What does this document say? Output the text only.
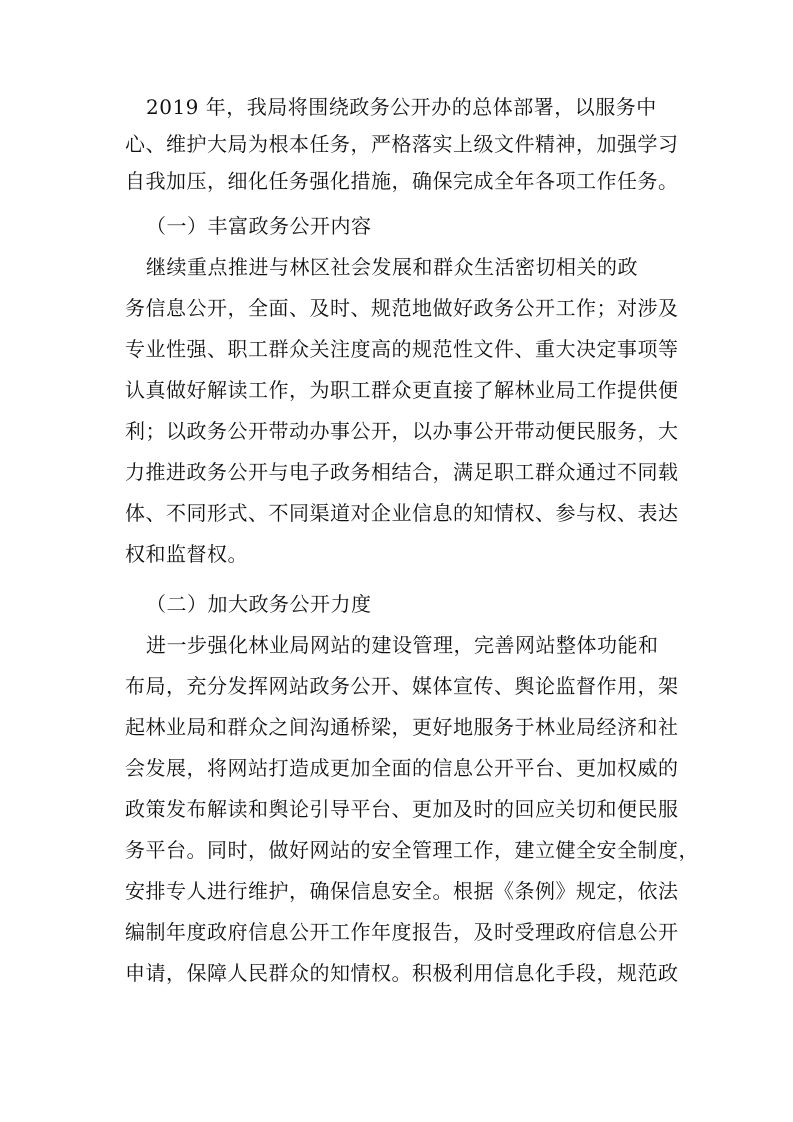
2019 年，我局将围绕政务公开办的总体部署，以服务中
心、维护大局为根本任务，严格落实上级文件精神，加强学习
自我加压，细化任务强化措施，确保完成全年各项工作任务。
（一）丰富政务公开内容
继续重点推进与林区社会发展和群众生活密切相关的政
务信息公开，全面、及时、规范地做好政务公开工作；对涉及
专业性强、职工群众关注度高的规范性文件、重大决定事项等
认真做好解读工作，为职工群众更直接了解林业局工作提供便
利；以政务公开带动办事公开，以办事公开带动便民服务，大
力推进政务公开与电子政务相结合，满足职工群众通过不同载
体、不同形式、不同渠道对企业信息的知情权、参与权、表达
权和监督权。
（二）加大政务公开力度
进一步强化林业局网站的建设管理，完善网站整体功能和
布局，充分发挥网站政务公开、媒体宣传、舆论监督作用，架
起林业局和群众之间沟通桥梁，更好地服务于林业局经济和社
会发展，将网站打造成更加全面的信息公开平台、更加权威的
政策发布解读和舆论引导平台、更加及时的回应关切和便民服
务平台。同时，做好网站的安全管理工作，建立健全安全制度，
安排专人进行维护，确保信息安全。根据《条例》规定，依法
编制年度政府信息公开工作年度报告，及时受理政府信息公开
申请，保障人民群众的知情权。积极利用信息化手段，规范政
